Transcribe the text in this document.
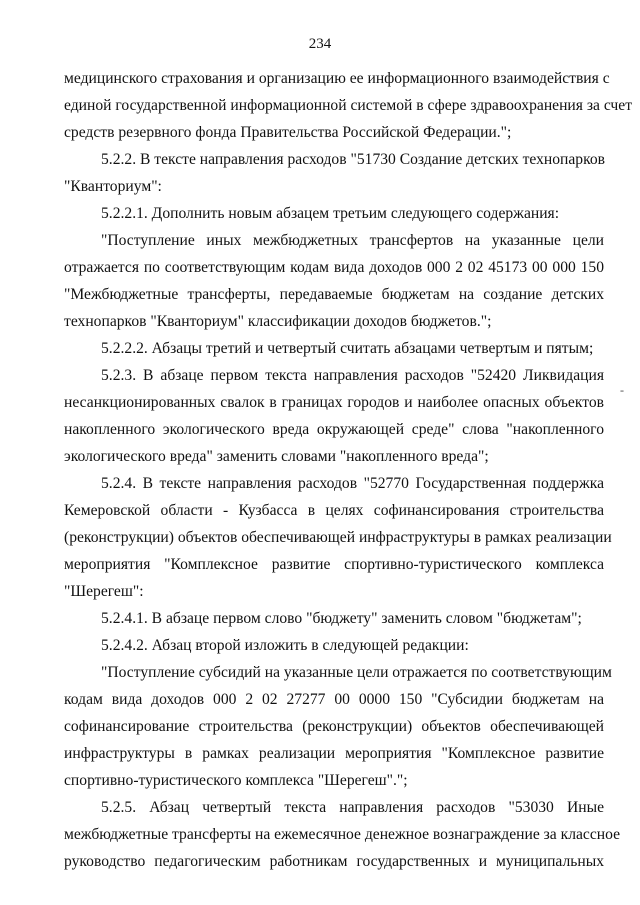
234
медицинского страхования и организацию ее информационного взаимодействия с
единой государственной информационной системой в сфере здравоохранения за счет
средств резервного фонда Правительства Российской Федерации.";
5.2.2. В тексте направления расходов "51730 Создание детских технопарков
"Кванториум":
5.2.2.1. Дополнить новым абзацем третьим следующего содержания:
"Поступление иных межбюджетных трансфертов на указанные цели
отражается по соответствующим кодам вида доходов 000 2 02 45173 00 000 150
"Межбюджетные трансферты, передаваемые бюджетам на создание детских
технопарков "Кванториум" классификации доходов бюджетов.";
5.2.2.2. Абзацы третий и четвертый считать абзацами четвертым и пятым;
5.2.3. В абзаце первом текста направления расходов "52420 Ликвидация
несанкционированных свалок в границах городов и наиболее опасных объектов
накопленного экологического вреда окружающей среде" слова "накопленного
экологического вреда" заменить словами "накопленного вреда";
5.2.4. В тексте направления расходов "52770 Государственная поддержка
Кемеровской области - Кузбасса в целях софинансирования строительства
(реконструкции) объектов обеспечивающей инфраструктуры в рамках реализации
мероприятия "Комплексное развитие спортивно-туристического комплекса
"Шерегеш":
5.2.4.1. В абзаце первом слово "бюджету" заменить словом "бюджетам";
5.2.4.2. Абзац второй изложить в следующей редакции:
"Поступление субсидий на указанные цели отражается по соответствующим
кодам вида доходов 000 2 02 27277 00 0000 150 "Субсидии бюджетам на
софинансирование строительства (реконструкции) объектов обеспечивающей
инфраструктуры в рамках реализации мероприятия "Комплексное развитие
спортивно-туристического комплекса "Шерегеш".";
5.2.5. Абзац четвертый текста направления расходов "53030 Иные
межбюджетные трансферты на ежемесячное денежное вознаграждение за классное
руководство педагогическим работникам государственных и муниципальных
‑
